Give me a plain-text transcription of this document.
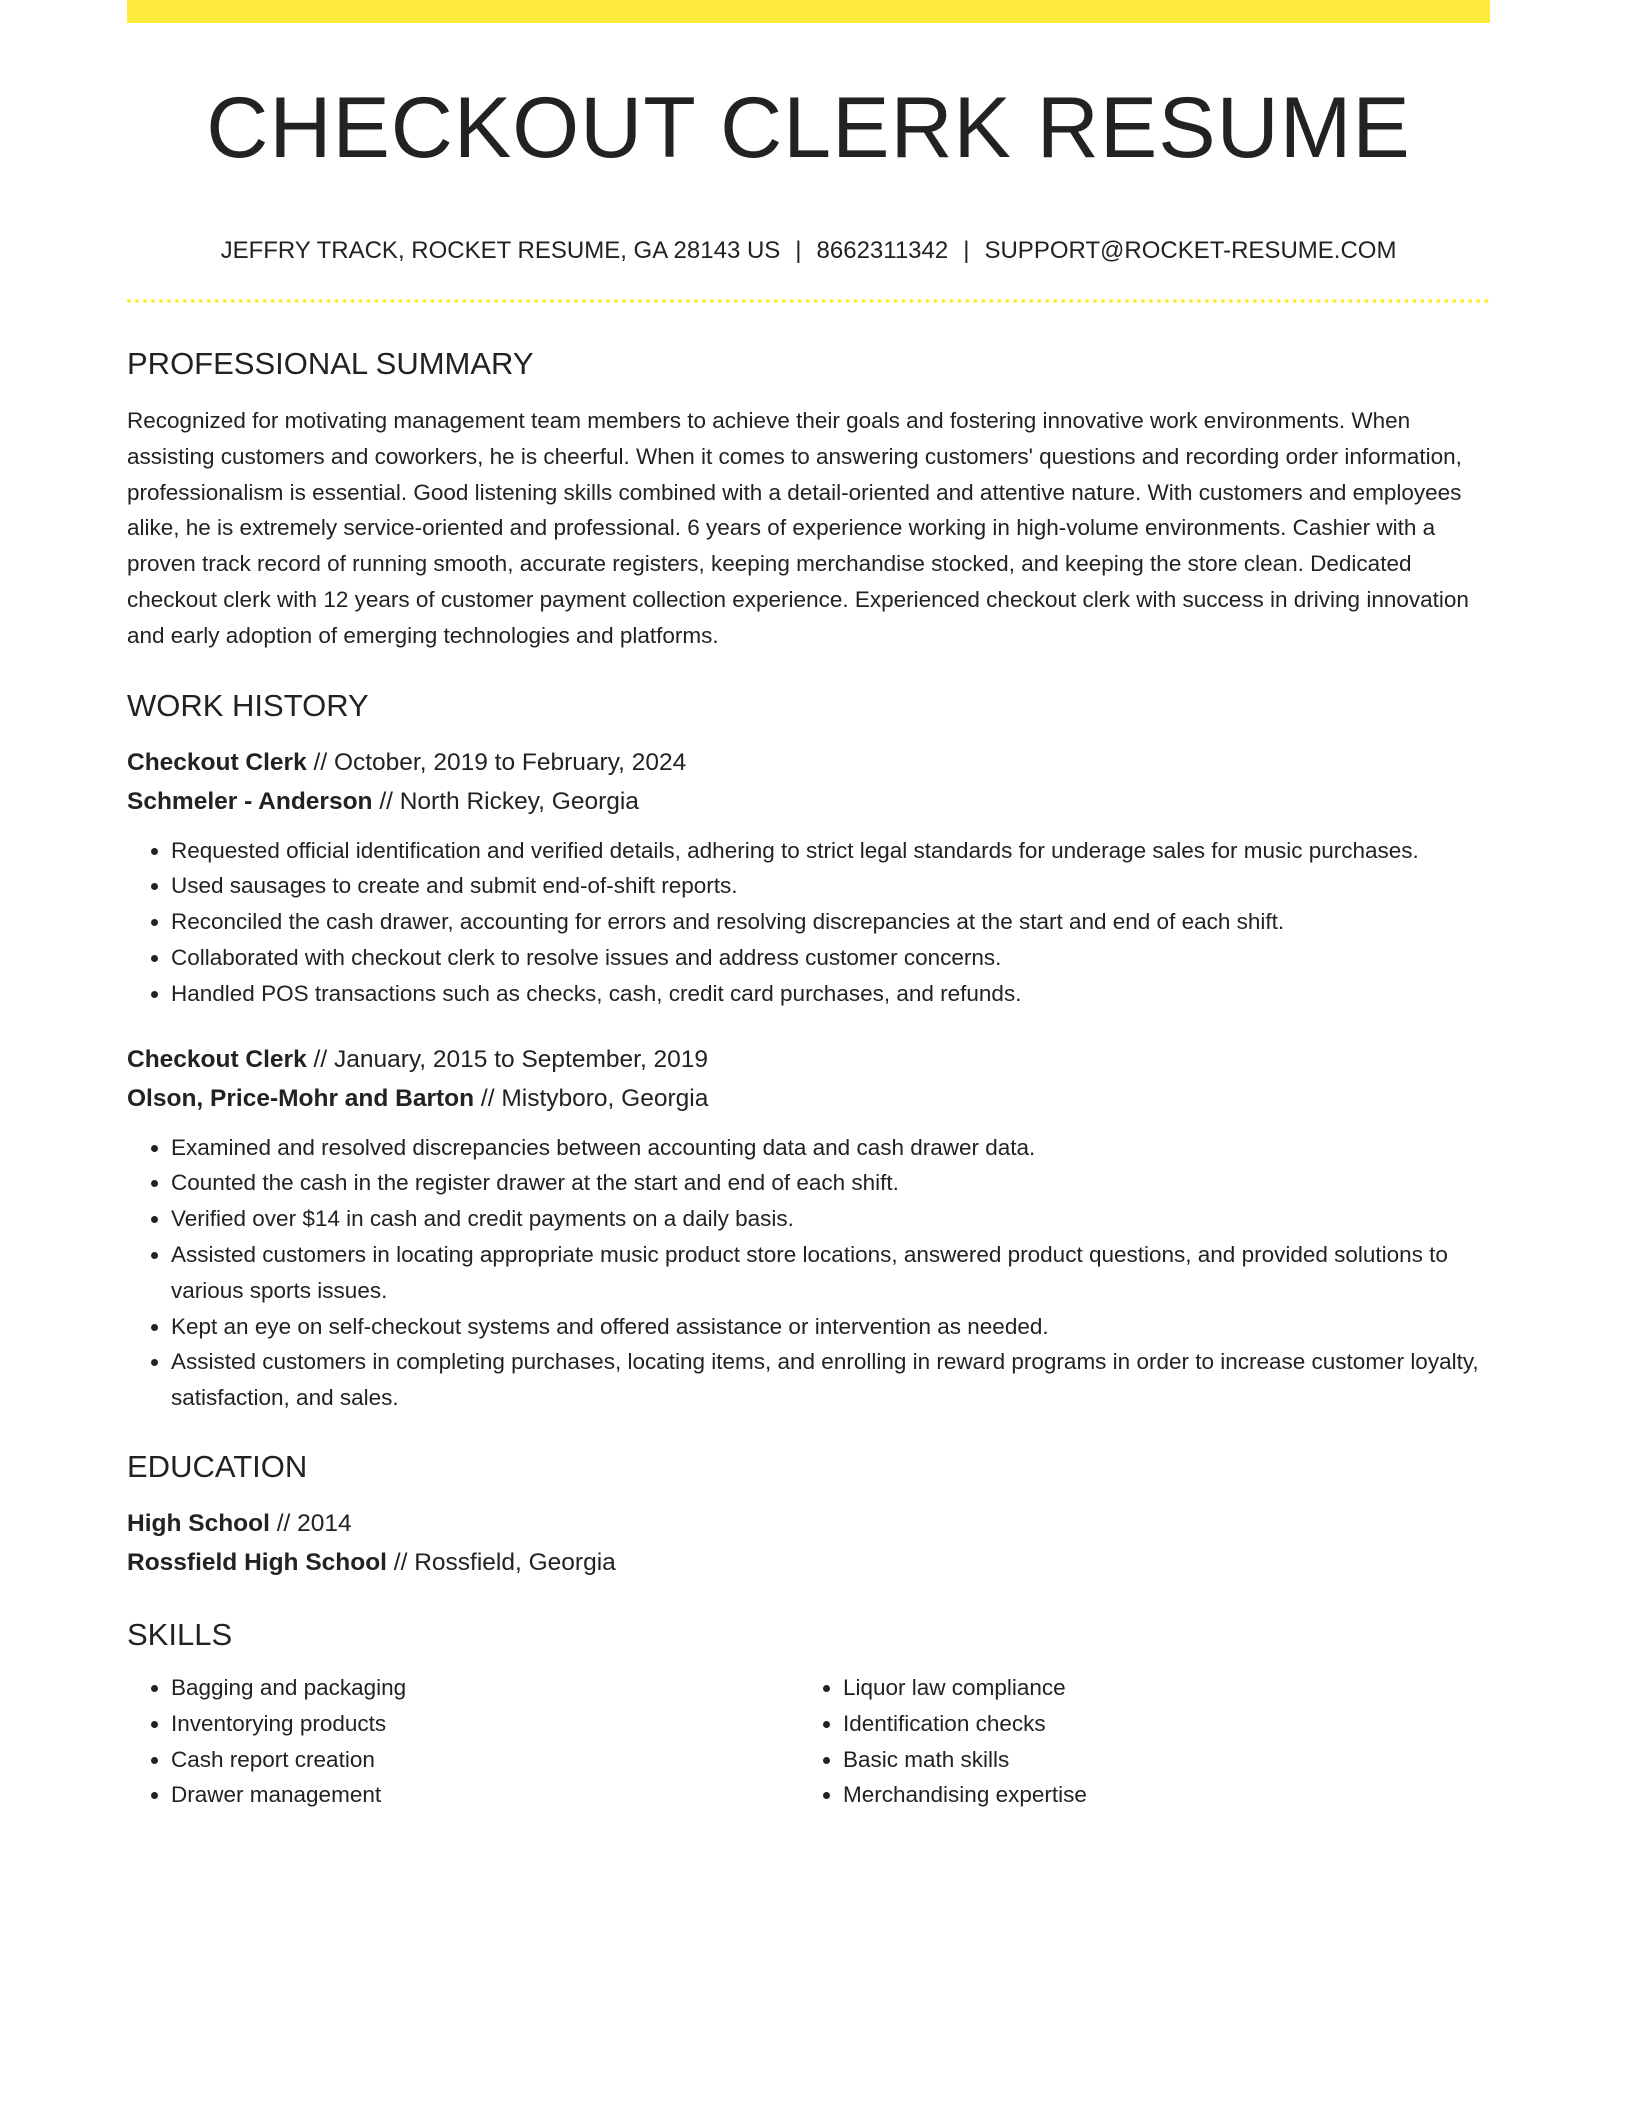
CHECKOUT CLERK RESUME
JEFFRY TRACK, ROCKET RESUME, GA 28143 US | 8662311342 | SUPPORT@ROCKET-RESUME.COM
PROFESSIONAL SUMMARY

Recognized for motivating management team members to achieve their goals and fostering innovative work environments. When assisting customers and coworkers, he is cheerful. When it comes to answering customers' questions and recording order information, professionalism is essential. Good listening skills combined with a detail-oriented and attentive nature. With customers and employees alike, he is extremely service-oriented and professional. 6 years of experience working in high-volume environments. Cashier with a proven track record of running smooth, accurate registers, keeping merchandise stocked, and keeping the store clean. Dedicated checkout clerk with 12 years of customer payment collection experience. Experienced checkout clerk with success in driving innovation and early adoption of emerging technologies and platforms.

WORK HISTORY
Checkout Clerk // October, 2019 to February, 2024
Schmeler - Anderson // North Rickey, Georgia
• Requested official identification and verified details, adhering to strict legal standards for underage sales for music purchases.
• Used sausages to create and submit end-of-shift reports.
• Reconciled the cash drawer, accounting for errors and resolving discrepancies at the start and end of each shift.
• Collaborated with checkout clerk to resolve issues and address customer concerns.
• Handled POS transactions such as checks, cash, credit card purchases, and refunds.
Checkout Clerk // January, 2015 to September, 2019
Olson, Price-Mohr and Barton // Mistyboro, Georgia
• Examined and resolved discrepancies between accounting data and cash drawer data.
• Counted the cash in the register drawer at the start and end of each shift.
• Verified over $14 in cash and credit payments on a daily basis.
• Assisted customers in locating appropriate music product store locations, answered product questions, and provided solutions to various sports issues.
• Kept an eye on self-checkout systems and offered assistance or intervention as needed.
• Assisted customers in completing purchases, locating items, and enrolling in reward programs in order to increase customer loyalty, satisfaction, and sales.
EDUCATION
High School // 2014
Rossfield High School // Rossfield, Georgia
SKILLS
• Bagging and packaging
• Inventorying products
• Cash report creation
• Drawer management
• Liquor law compliance
• Identification checks
• Basic math skills
• Merchandising expertise
